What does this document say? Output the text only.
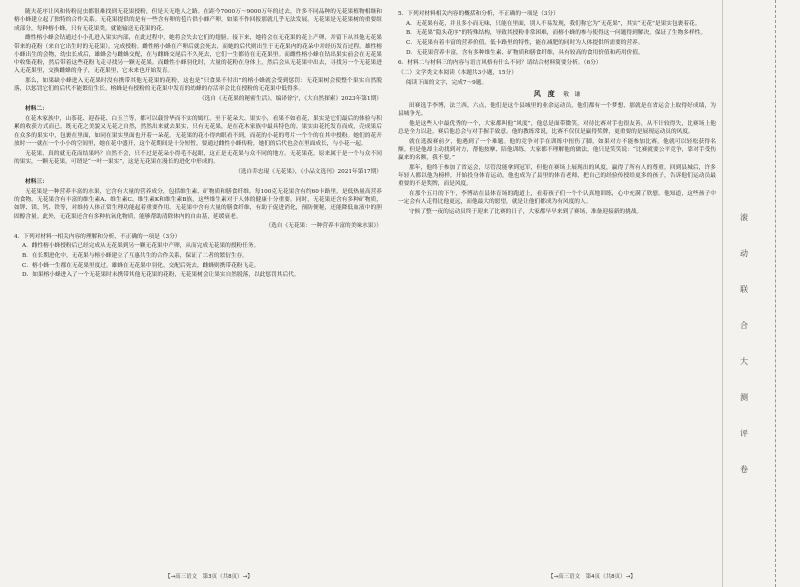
随夫花序让风和传粉昆虫都很难找到无花果授粉，但是天无绝人之路。在距今7000万～9000万年的过去，许多不同品种的无花果植物相继和榕小蜂建立起了独特的合作关系。无花果提供的是有一些含有卵的苞片供小蜂产卵，如果不作回报那就几乎无法发展。无花果是无花果树的重要组成部分，每种榕小蜂，只有无花果类，就能输送无花果的花。

雌性榕小蜂会钻通过小小孔进入果实内部，在此过程中，她将会失去它们的翅膀。接下来，她将会在无花果的花上产卵，并留下从其他无花果带来的花粉（来自它出生时的无花果），完成授粉。雌性榕小蜂在产卵后就会死去，而她的后代则出生于无花果内的花朵中并经历发育过程。雄性榕小蜂出生的会物，幼虫长成后，雄蜂会与雌蜂交配，在与雌蜂交尾后不久死去，它们一生都待在无花果里。而雌性榕小蜂在钻出果实前会在无花果中收集花粉，然后带着这些花粉飞走寻找另一颗无花果。而雌性小蜂羽化时，大量的花粉在身体上，然后会从无花果中出去，寻找另一个无花果进入无花果里，交换雌蜂的身子，无花果里，它未来也开始发育。

那么，如果缺小蜂进入无花果时没有携带其他无花果的花粉，这也是“只食果不付出”的榕小蜂就会受到惩罚：无花果树会使整个果实自然脱落，以惩罚它们的后代不能繁衍生长。榕蜂是有授粉的无花果中发育的幼蜂的存活率会比在授粉的无花果中低得多。

（选自《无花果的秘密生活》，编译徐宁，《大自然探索》2023年第1期）

材料二：

在花木家族中，山茶花、迎春花、白玉兰等，都可以载誉华而不实的嫣红。至于花朵大、果实小，看果不如看花，果实是它们最后的体验与积累的收获方式而已。既无花之美貌又无花之自然，然然出来就去果实，只有无花果，是在花木家族中最具特色的。果实由花托发育而成，壳成果后在众多的果实中，包裹在里面，如同在果实里面也开着一朵花。无花果的花小得肉眼看不到，而花的小花的萼片一个个的在其中授粉。她们的花开放时一一就在一个小小的空间里，她在花中盛开，这个花期间是十分短暂，要通过雌性小蜂传粉，她们的后代也会在里面成长，与小花一起。

无花果，真的就无花而结果吗？自然不会，只不过是花朵小得毛不起眼，这正是无花果与众不同的地方。无花果花，原来属于是一个与众不同的果实，一颗无花果，可谓是“一叶一果实”，这是无花果在漫长的进化中形成的。

（选自乔忠琨《无花果》，《小品文选刊》2021年第17期）

材料三：

无花果是一种营养丰富的水果，它含有大量的营养成分，包括维生素、矿物质和膳食纤维。每100克无花果含有约60卡路里，是低热量高营养的食物。无花果含有丰富的维生素A、维生素C、维生素K和维生素B族，这些维生素对于人体的健康十分重要。同时，无花果还含有多种矿物质，如钾、镁、钙、铁等，对维持人体正常生理功能起着重要作用。无花果中含有大量的膳食纤维，有助于促进消化，预防便秘，还能降低血液中的胆固醇含量。此外，无花果还含有多种抗氧化物质，能够帮助清除体内的自由基，延缓衰老。

（选自《无花果：一种营养丰富的美味水果》）

4．下列对材料一相关内容的理解和分析，不正确的一项是（3分）

A．雌性榕小蜂授粉后已经完成从无花果到另一颗无花果中产卵，从而完成无花果的授粉任务。

B．在长期进化中，无花果与榕小蜂建立了互惠共生的合作关系，保证了二者的繁衍生存。

C．榕小蜂一生都在无花果里度过，雄蜂在无花果中羽化、交配后死去，雌蜂则携带花粉飞走。

D．如果榕小蜂进入了一个无花果时未携带其他无花果的花粉，无花果树会让果实自然脱落，以此惩罚其后代。

【→高三语文　第3页（共8页）→】

5．下列对材料相关内容的概括和分析，不正确的一项是（3分）

A．无花果有花，并且多小而无味，只能在里面，别人不易发现，我们称它为“无花果”，其实“无花”是果实包裹着花。

B．无花果“隐头花序”的特殊结构，导致其授粉非常困难，而榕小蜂的参与使得这一问题得到解决，保证了生物多样性。

C．无花果有着丰富的营养价值，低卡路里的特性，能在减肥的同时为人体提供所需要的营养。

D．无花果营养丰富，含有多种维生素、矿物质和膳食纤维，具有较高的食用价值和药用价值。

6．材料二与材料三的内容与语言风格有什么不同？请结合材料简要分析。（6分）

（二）文学类文本阅读（本题共3小题，15分）

阅读下面的文字，完成7～9题。

风　度 敬　谦

田赛选手李博，法兰西，六点，他们是这个县城里的业余运动员，他们都有一个梦想，那就是在省运会上取得好成绩，为县城争光。

他是这些人中最优秀的一个，大家都叫他“风度”，他总是面带微笑，对待比赛对手也很友善，从不计较得失，比赛场上他总是全力以赴，赛后他总会与对手握手致意。他的教练常说，比赛不仅仅是赢得奖牌，更重要的是展现运动员的风度。

就在选拔赛前夕，他遇到了一个难题。他的竞争对手在训练中扭伤了脚，如果对方不能参加比赛，他就可以轻松获得名额。但是他却主动找到对方，帮他按摩、陪他训练。大家都不理解他的做法，他只是笑笑说：“比赛就要公平竞争，靠对手受伤赢来的名额，我不要。”

那年，他终于参加了省运会，尽管没能拿到冠军，但他在赛场上展现出的风度，赢得了所有人的尊重。回到县城后，许多年轻人都以他为榜样，开始投身体育运动。他也成为了县里的体育老师，把自己的经验传授给更多的孩子，告诉他们运动员最重要的不是奖牌，而是风度。

在那个五月的下午，李博站在县体育场的跑道上，看着孩子们一个个认真地训练，心中充满了欣慰。他知道，这些孩子中一定会有人走得比他更远，而他最大的愿望，就是让他们都成为有风度的人。

守候了整一夜的运动员终于迎来了比赛的日子，大家都早早来到了赛场，准备迎接新的挑战。

【→高三语文　第4页（共8页）→】
滚
动
联
合
大
测
评
卷
